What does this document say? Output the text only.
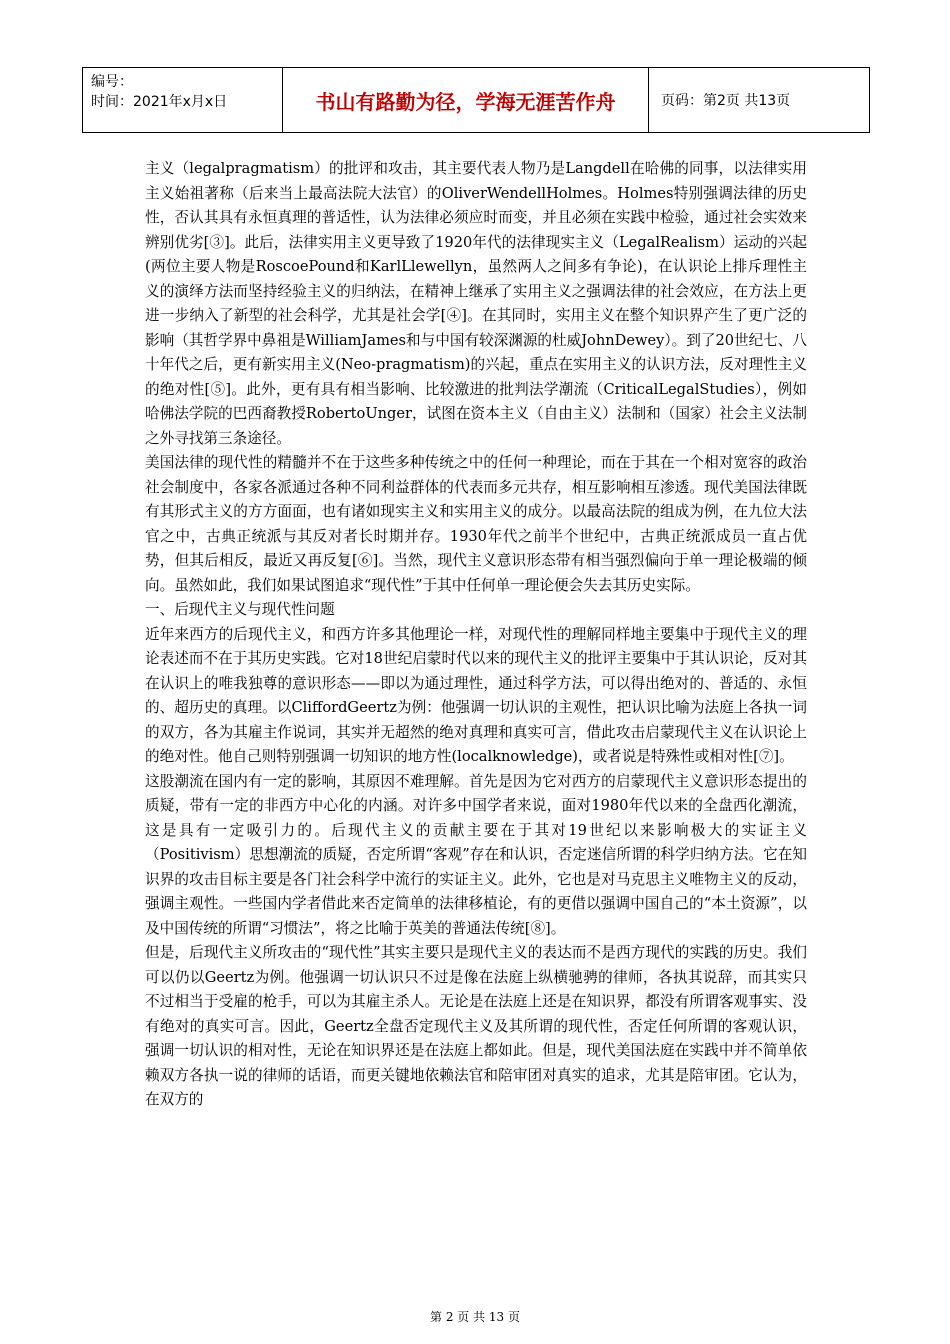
编号：
时间：2021年x月x日	书山有路勤为径，学海无涯苦作舟	页码：第2页 共13页

主义（legalpragmatism）的批评和攻击，其主要代表人物乃是Langdell在哈佛的同事，以法律实用主义始祖著称（后来当上最高法院大法官）的OliverWendellHolmes。Holmes特别强调法律的历史性，否认其具有永恒真理的普适性，认为法律必须应时而变，并且必须在实践中检验，通过社会实效来辨别优劣[③]。此后，法律实用主义更导致了1920年代的法律现实主义（LegalRealism）运动的兴起(两位主要人物是RoscoePound和KarlLlewellyn，虽然两人之间多有争论)，在认识论上排斥理性主义的演绎方法而坚持经验主义的归纳法，在精神上继承了实用主义之强调法律的社会效应，在方法上更进一步纳入了新型的社会科学，尤其是社会学[④]。在其同时，实用主义在整个知识界产生了更广泛的影响（其哲学界中鼻祖是WilliamJames和与中国有较深渊源的杜威JohnDewey）。到了20世纪七、八十年代之后，更有新实用主义(Neo-pragmatism)的兴起，重点在实用主义的认识方法，反对理性主义的绝对性[⑤]。此外，更有具有相当影响、比较激进的批判法学潮流（CriticalLegalStudies），例如哈佛法学院的巴西裔教授RobertoUnger，试图在资本主义（自由主义）法制和（国家）社会主义法制之外寻找第三条途径。

美国法律的现代性的精髓并不在于这些多种传统之中的任何一种理论，而在于其在一个相对宽容的政治社会制度中，各家各派通过各种不同利益群体的代表而多元共存，相互影响相互渗透。现代美国法律既有其形式主义的方方面面，也有诸如现实主义和实用主义的成分。以最高法院的组成为例，在九位大法官之中，古典正统派与其反对者长时期并存。1930年代之前半个世纪中，古典正统派成员一直占优势，但其后相反，最近又再反复[⑥]。当然，现代主义意识形态带有相当强烈偏向于单一理论极端的倾向。虽然如此，我们如果试图追求“现代性”于其中任何单一理论便会失去其历史实际。

一、后现代主义与现代性问题

近年来西方的后现代主义，和西方许多其他理论一样，对现代性的理解同样地主要集中于现代主义的理论表述而不在于其历史实践。它对18世纪启蒙时代以来的现代主义的批评主要集中于其认识论，反对其在认识上的唯我独尊的意识形态——即以为通过理性，通过科学方法，可以得出绝对的、普适的、永恒的、超历史的真理。以CliffordGeertz为例：他强调一切认识的主观性，把认识比喻为法庭上各执一词的双方，各为其雇主作说词，其实并无超然的绝对真理和真实可言，借此攻击启蒙现代主义在认识论上的绝对性。他自己则特别强调一切知识的地方性(localknowledge)，或者说是特殊性或相对性[⑦]。

这股潮流在国内有一定的影响，其原因不难理解。首先是因为它对西方的启蒙现代主义意识形态提出的质疑，带有一定的非西方中心化的内涵。对许多中国学者来说，面对1980年代以来的全盘西化潮流，这是具有一定吸引力的。后现代主义的贡献主要在于其对19世纪以来影响极大的实证主义（Positivism）思想潮流的质疑，否定所谓“客观”存在和认识，否定迷信所谓的科学归纳方法。它在知识界的攻击目标主要是各门社会科学中流行的实证主义。此外，它也是对马克思主义唯物主义的反动，强调主观性。一些国内学者借此来否定简单的法律移植论，有的更借以强调中国自己的“本土资源”，以及中国传统的所谓“习惯法”，将之比喻于英美的普通法传统[⑧]。

但是，后现代主义所攻击的“现代性”其实主要只是现代主义的表达而不是西方现代的实践的历史。我们可以仍以Geertz为例。他强调一切认识只不过是像在法庭上纵横驰骋的律师，各执其说辞，而其实只不过相当于受雇的枪手，可以为其雇主杀人。无论是在法庭上还是在知识界，都没有所谓客观事实、没有绝对的真实可言。因此，Geertz全盘否定现代主义及其所谓的现代性，否定任何所谓的客观认识，强调一切认识的相对性，无论在知识界还是在法庭上都如此。但是，现代美国法庭在实践中并不简单依赖双方各执一说的律师的话语，而更关键地依赖法官和陪审团对真实的追求，尤其是陪审团。它认为，在双方的

第 2 页 共 13 页
